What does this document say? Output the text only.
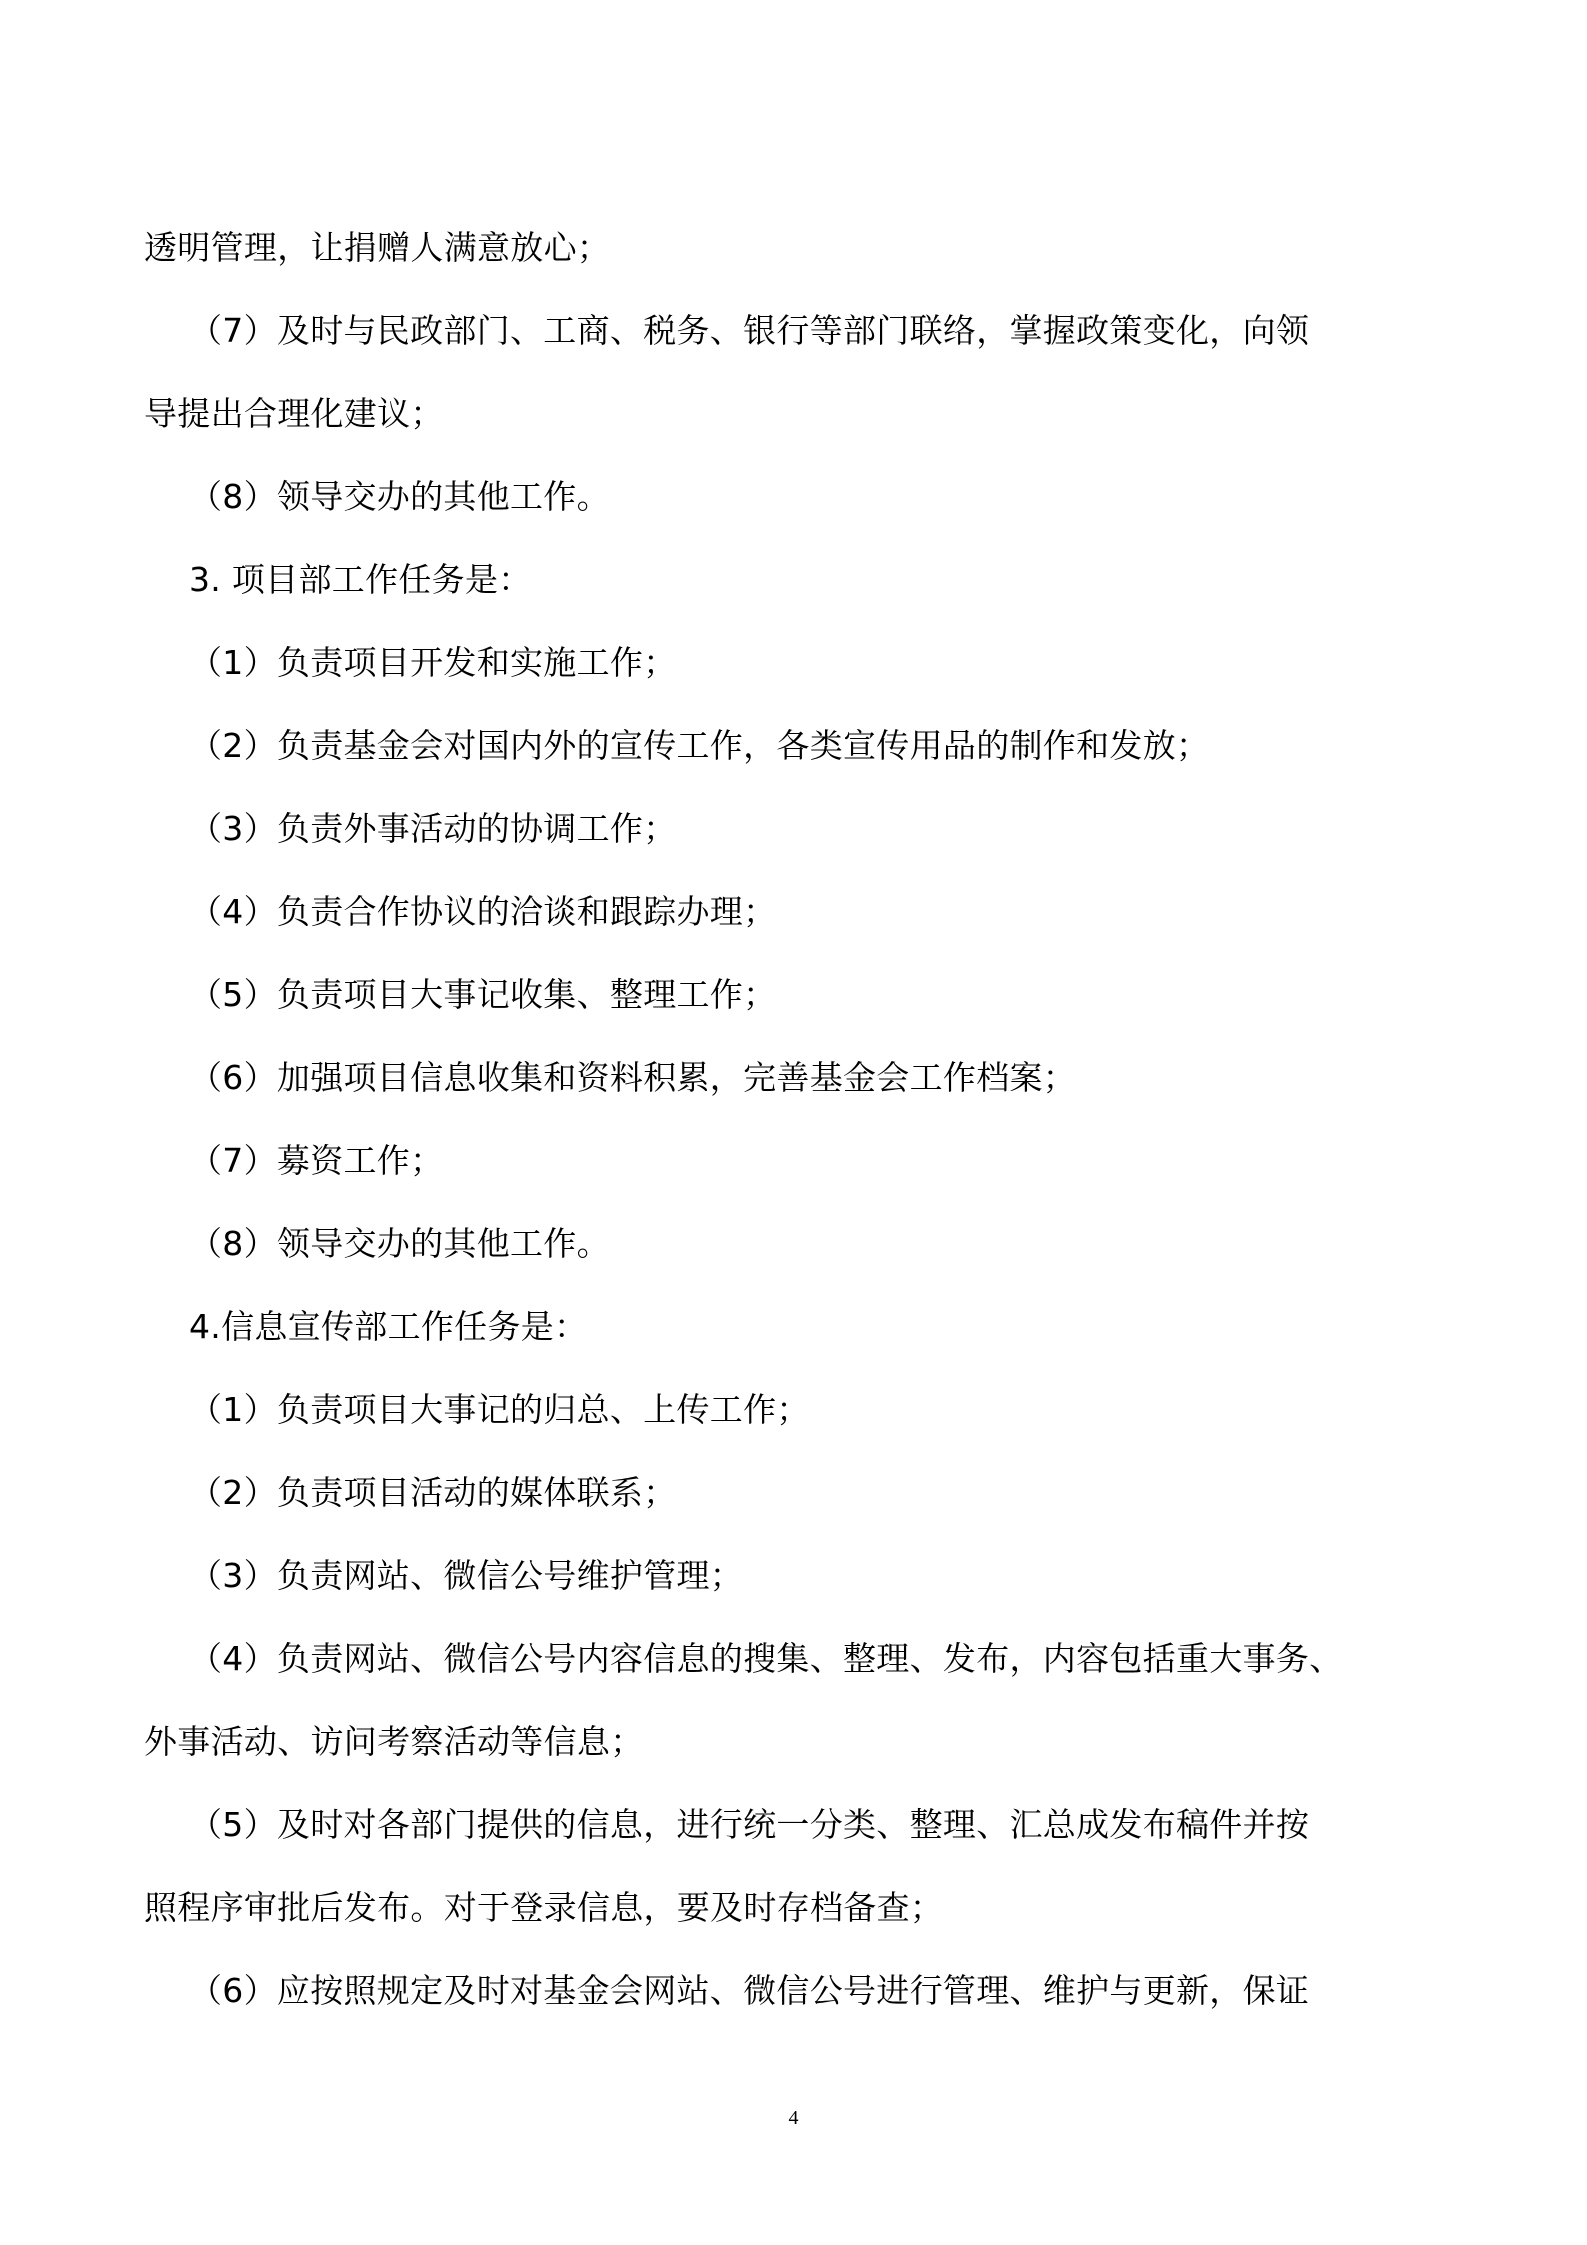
透明管理，让捐赠人满意放心；
（7）及时与民政部门、工商、税务、银行等部门联络，掌握政策变化，向领
导提出合理化建议；
（8）领导交办的其他工作。
3. 项目部工作任务是：
（1）负责项目开发和实施工作；
（2）负责基金会对国内外的宣传工作，各类宣传用品的制作和发放；
（3）负责外事活动的协调工作；
（4）负责合作协议的洽谈和跟踪办理；
（5）负责项目大事记收集、整理工作；
（6）加强项目信息收集和资料积累，完善基金会工作档案；
（7）募资工作；
（8）领导交办的其他工作。
4.信息宣传部工作任务是：
（1）负责项目大事记的归总、上传工作；
（2）负责项目活动的媒体联系；
（3）负责网站、微信公号维护管理；
（4）负责网站、微信公号内容信息的搜集、整理、发布，内容包括重大事务、
外事活动、访问考察活动等信息；
（5）及时对各部门提供的信息，进行统一分类、整理、汇总成发布稿件并按
照程序审批后发布。对于登录信息，要及时存档备查；
（6）应按照规定及时对基金会网站、微信公号进行管理、维护与更新，保证
4
